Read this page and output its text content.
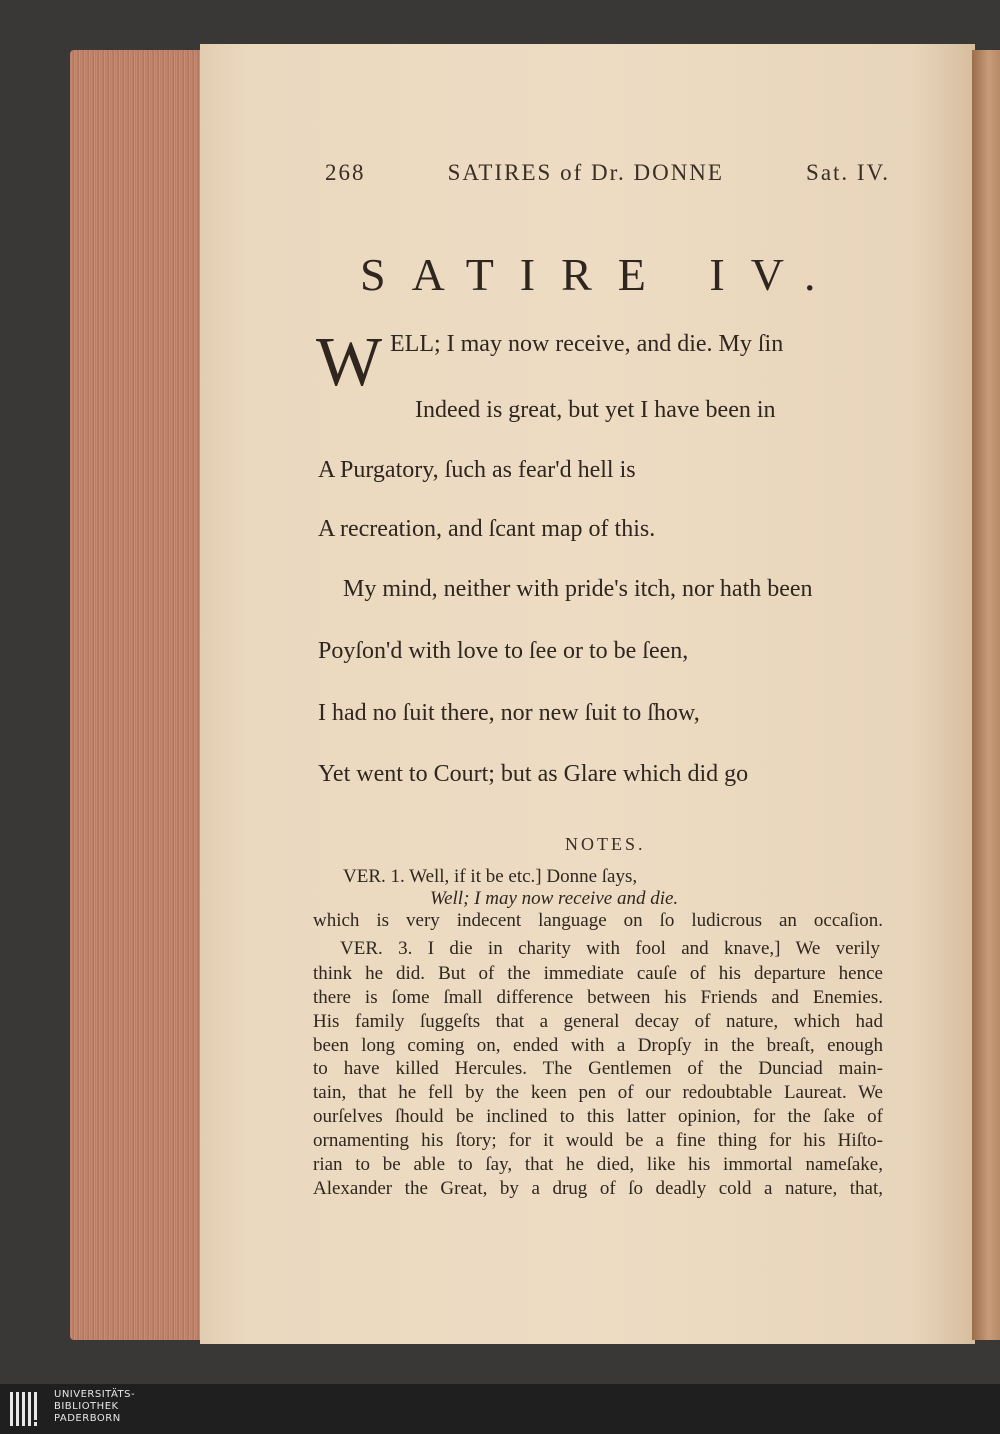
268	SATIRES of Dr. DONNE	Sat. IV.
SATIRE IV.
W ELL; I may now receive, and die. My ſin
Indeed is great, but yet I have been in
A Purgatory, ſuch as fear'd hell is
A recreation, and ſcant map of this.
My mind, neither with pride's itch, nor hath been
Poyſon'd with love to ſee or to be ſeen,
I had no ſuit there, nor new ſuit to ſhow,
Yet went to Court; but as Glare which did go
NOTES.
VER. 1. Well, if it be etc.] Donne ſays,
Well; I may now receive and die.
which is very indecent language on ſo ludicrous an occaſion.
VER. 3. I die in charity with fool and knave,] We verily
think he did. But of the immediate cauſe of his departure hence
there is ſome ſmall difference between his Friends and Enemies.
His family ſuggeſts that a general decay of nature, which had
been long coming on, ended with a Dropſy in the breaſt, enough
to have killed Hercules. The Gentlemen of the Dunciad main-
tain, that he fell by the keen pen of our redoubtable Laureat. We
ourſelves ſhould be inclined to this latter opinion, for the ſake of
ornamenting his ſtory; for it would be a fine thing for his Hiſto-
rian to be able to ſay, that he died, like his immortal nameſake,
Alexander the Great, by a drug of ſo deadly cold a nature, that,
UNIVERSITÄTS-
BIBLIOTHEK
PADERBORN
